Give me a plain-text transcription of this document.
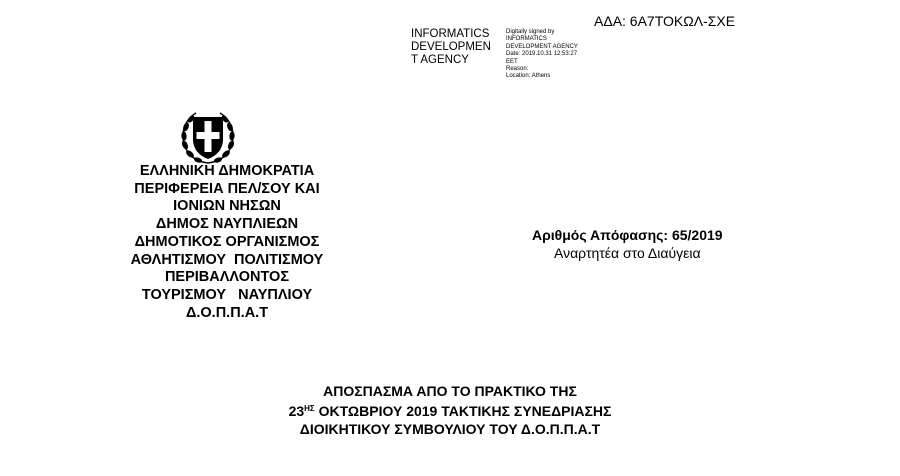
ΑΔΑ: 6Α7ΤΟΚΩΛ-ΣΧΕ
INFORMATICS
DEVELOPMEN
T AGENCY
Digitally signed by
INFORMATICS
DEVELOPMENT AGENCY
Date: 2019.10.31 12:53:27
EET
Reason:
Location: Athens
ΕΛΛΗΝΙΚΗ ΔΗΜΟΚΡΑΤΙΑ
ΠΕΡΙΦΕΡΕΙΑ ΠΕΛ/ΣΟΥ ΚΑΙ
ΙΟΝΙΩΝ ΝΗΣΩΝ
ΔΗΜΟΣ ΝΑΥΠΛΙΕΩΝ
ΔΗΜΟΤΙΚΟΣ ΟΡΓΑΝΙΣΜΟΣ
ΑΘΛΗΤΙΣΜΟΥ  ΠΟΛΙΤΙΣΜΟΥ
ΠΕΡΙΒΑΛΛΟΝΤΟΣ
ΤΟΥΡΙΣΜΟΥ   ΝΑΥΠΛΙΟΥ
Δ.Ο.Π.Π.Α.Τ
Αριθμός Απόφασης: 65/2019
Αναρτητέα στο Διαύγεια
ΑΠΟΣΠΑΣΜΑ ΑΠΟ ΤΟ ΠΡΑΚΤΙΚΟ ΤΗΣ
$23^{H\Sigma}$ ΟΚΤΩΒΡΙΟΥ 2019 ΤΑΚΤΙΚΗΣ ΣΥΝΕΔΡΙΑΣΗΣ
ΔΙΟΙΚΗΤΙΚΟΥ ΣΥΜΒΟΥΛΙΟΥ ΤΟΥ Δ.Ο.Π.Π.Α.Τ
